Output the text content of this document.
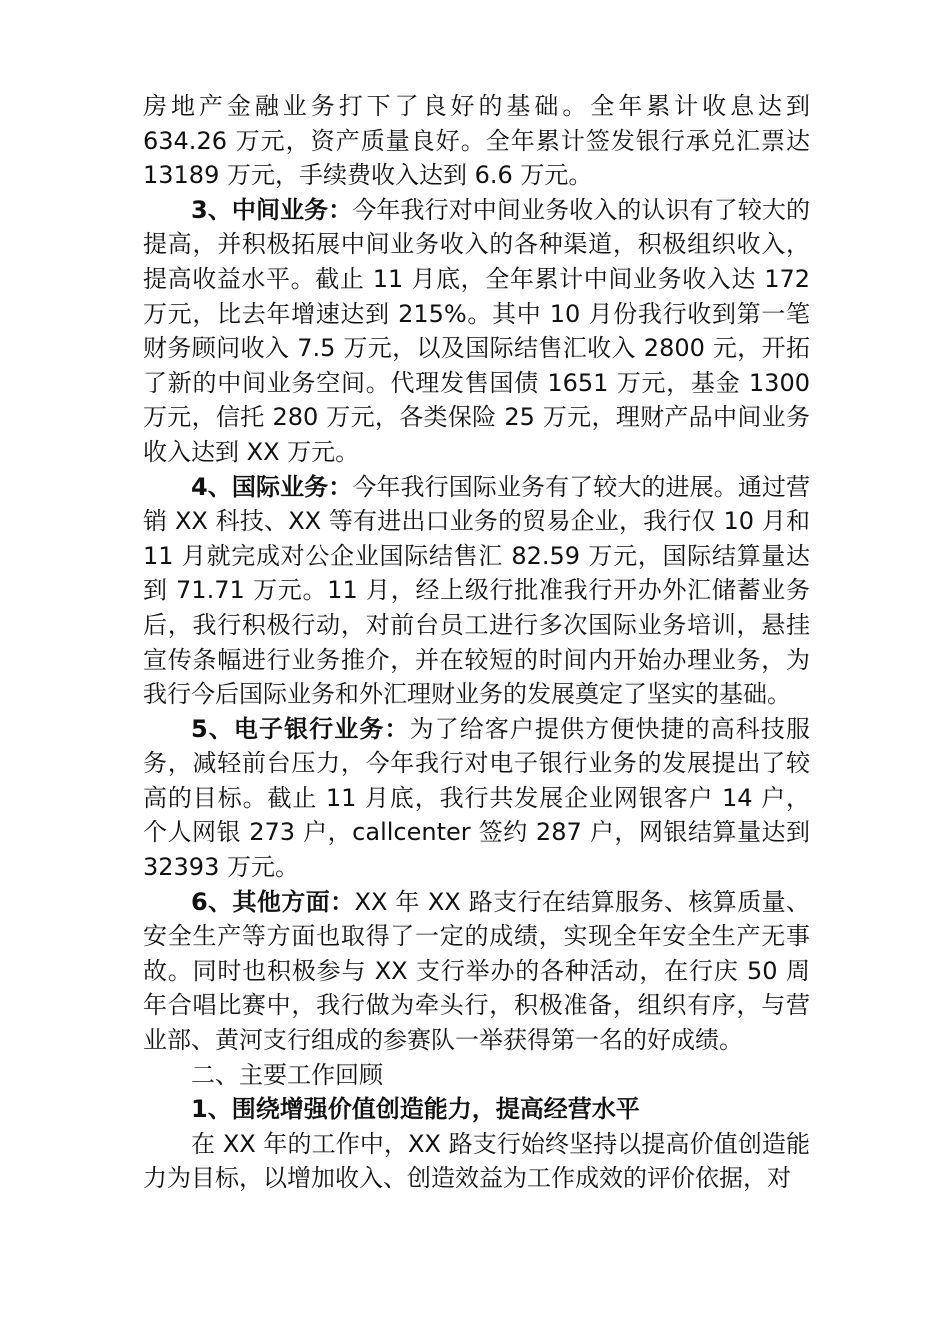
房地产金融业务打下了良好的基础。全年累计收息达到 634.26 万元，资产质量良好。全年累计签发银行承兑汇票达 13189 万元，手续费收入达到 6.6 万元。

3、中间业务：今年我行对中间业务收入的认识有了较大的提高，并积极拓展中间业务收入的各种渠道，积极组织收入，提高收益水平。截止 11 月底，全年累计中间业务收入达 172 万元，比去年增速达到 215%。其中 10 月份我行收到第一笔财务顾问收入 7.5 万元，以及国际结售汇收入 2800 元，开拓了新的中间业务空间。代理发售国债 1651 万元，基金 1300 万元，信托 280 万元，各类保险 25 万元，理财产品中间业务收入达到 XX 万元。

4、国际业务：今年我行国际业务有了较大的进展。通过营销 XX 科技、XX 等有进出口业务的贸易企业，我行仅 10 月和 11 月就完成对公企业国际结售汇 82.59 万元，国际结算量达到 71.71 万元。11 月，经上级行批准我行开办外汇储蓄业务后，我行积极行动，对前台员工进行多次国际业务培训，悬挂宣传条幅进行业务推介，并在较短的时间内开始办理业务，为我行今后国际业务和外汇理财业务的发展奠定了坚实的基础。

5、电子银行业务：为了给客户提供方便快捷的高科技服务，减轻前台压力，今年我行对电子银行业务的发展提出了较高的目标。截止 11 月底，我行共发展企业网银客户 14 户，个人网银 273 户，callcenter 签约 287 户，网银结算量达到 32393 万元。

6、其他方面：XX 年 XX 路支行在结算服务、核算质量、安全生产等方面也取得了一定的成绩，实现全年安全生产无事故。同时也积极参与 XX 支行举办的各种活动，在行庆 50 周年合唱比赛中，我行做为牵头行，积极准备，组织有序，与营业部、黄河支行组成的参赛队一举获得第一名的好成绩。

二、主要工作回顾

1、围绕增强价值创造能力，提高经营水平

在 XX 年的工作中，XX 路支行始终坚持以提高价值创造能力为目标，以增加收入、创造效益为工作成效的评价依据，对
